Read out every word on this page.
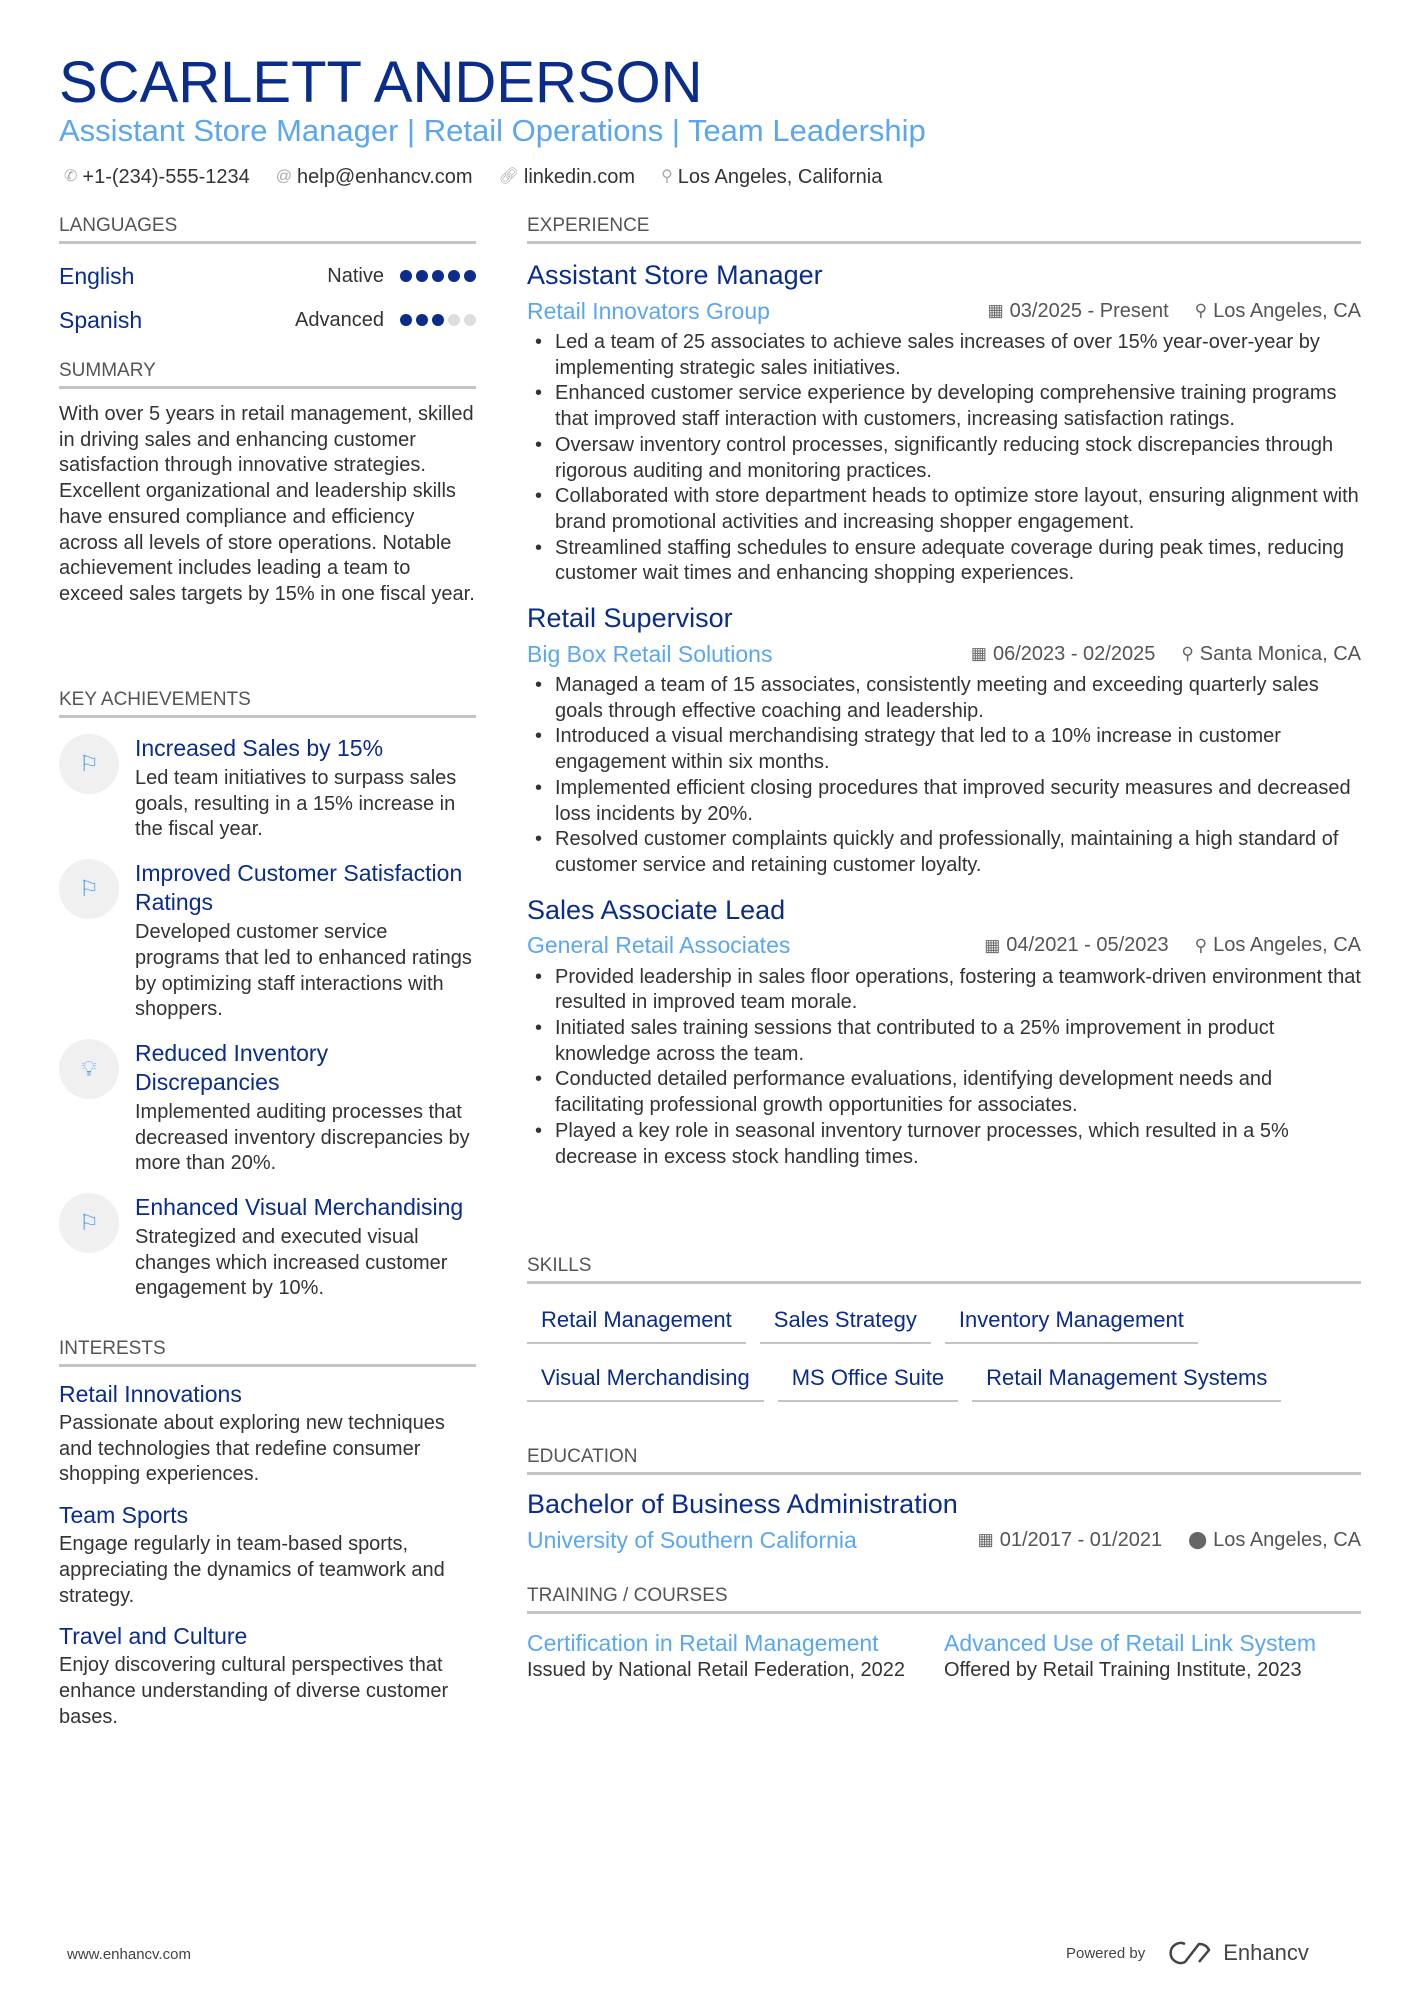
SCARLETT ANDERSON
Assistant Store Manager | Retail Operations | Team Leadership
✆ +1-(234)-555-1234 @ help@enhancv.com 🔗︎ linkedin.com ⚲ Los Angeles, California
LANGUAGES
English	Native
Spanish	Advanced
SUMMARY
With over 5 years in retail management, skilled in driving sales and enhancing customer satisfaction through innovative strategies. Excellent organizational and leadership skills have ensured compliance and efficiency across all levels of store operations. Notable achievement includes leading a team to exceed sales targets by 15% in one fiscal year.
KEY ACHIEVEMENTS
⚐
Increased Sales by 15%
Led team initiatives to surpass sales goals, resulting in a 15% increase in the fiscal year.
⚐
Improved Customer Satisfaction Ratings
Developed customer service programs that led to enhanced ratings by optimizing staff interactions with shoppers.
💡︎
Reduced Inventory Discrepancies
Implemented auditing processes that decreased inventory discrepancies by more than 20%.
⚐
Enhanced Visual Merchandising
Strategized and executed visual changes which increased customer engagement by 10%.
INTERESTS
Retail Innovations
Passionate about exploring new techniques and technologies that redefine consumer shopping experiences.
Team Sports
Engage regularly in team-based sports, appreciating the dynamics of teamwork and strategy.
Travel and Culture
Enjoy discovering cultural perspectives that enhance understanding of diverse customer bases.
EXPERIENCE
Assistant Store Manager
Retail Innovators Group	▦ 03/2025 - Present ⚲ Los Angeles, CA
• Led a team of 25 associates to achieve sales increases of over 15% year-over-year by implementing strategic sales initiatives.
• Enhanced customer service experience by developing comprehensive training programs that improved staff interaction with customers, increasing satisfaction ratings.
• Oversaw inventory control processes, significantly reducing stock discrepancies through rigorous auditing and monitoring practices.
• Collaborated with store department heads to optimize store layout, ensuring alignment with brand promotional activities and increasing shopper engagement.
• Streamlined staffing schedules to ensure adequate coverage during peak times, reducing customer wait times and enhancing shopping experiences.
Retail Supervisor
Big Box Retail Solutions	▦ 06/2023 - 02/2025 ⚲ Santa Monica, CA
• Managed a team of 15 associates, consistently meeting and exceeding quarterly sales goals through effective coaching and leadership.
• Introduced a visual merchandising strategy that led to a 10% increase in customer engagement within six months.
• Implemented efficient closing procedures that improved security measures and decreased loss incidents by 20%.
• Resolved customer complaints quickly and professionally, maintaining a high standard of customer service and retaining customer loyalty.
Sales Associate Lead
General Retail Associates	▦ 04/2021 - 05/2023 ⚲ Los Angeles, CA
• Provided leadership in sales floor operations, fostering a teamwork-driven environment that resulted in improved team morale.
• Initiated sales training sessions that contributed to a 25% improvement in product knowledge across the team.
• Conducted detailed performance evaluations, identifying development needs and facilitating professional growth opportunities for associates.
• Played a key role in seasonal inventory turnover processes, which resulted in a 5% decrease in excess stock handling times.
SKILLS
Retail Management	Sales Strategy	Inventory Management
Visual Merchandising	MS Office Suite	Retail Management Systems
EDUCATION
Bachelor of Business Administration
University of Southern California	▦ 01/2017 - 01/2021 ⬤ Los Angeles, CA
TRAINING / COURSES
Certification in Retail Management
Issued by National Retail Federation, 2022
Advanced Use of Retail Link System
Offered by Retail Training Institute, 2023
www.enhancv.com	Powered by	Enhancv
